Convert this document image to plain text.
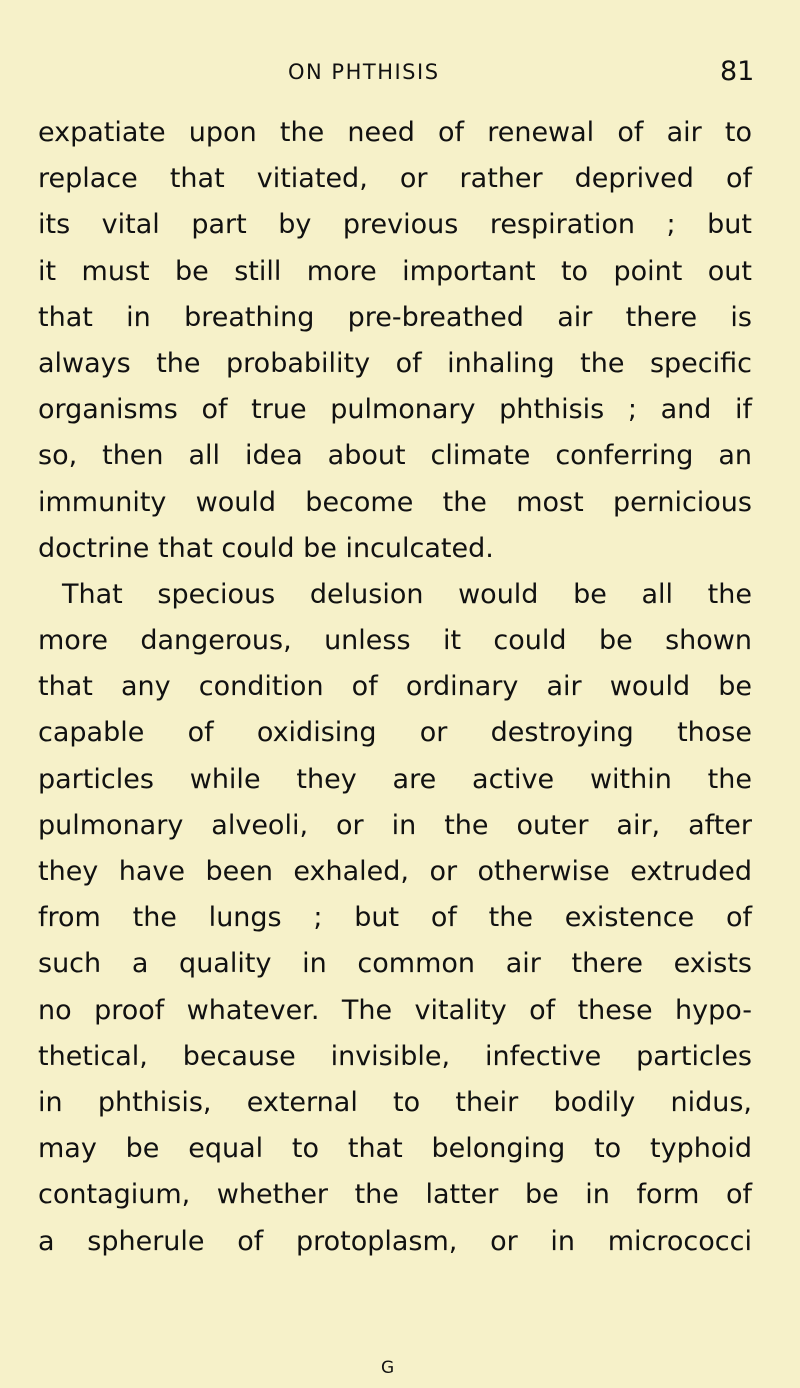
ON PHTHISIS	81
expatiate upon the need of renewal of air to
replace that vitiated, or rather deprived of
its vital part by previous respiration ; but
it must be still more important to point out
that in breathing pre-breathed air there is
always the probability of inhaling the specific
organisms of true pulmonary phthisis ; and if
so, then all idea about climate conferring an
immunity would become the most pernicious
doctrine that could be inculcated.
That specious delusion would be all the
more dangerous, unless it could be shown
that any condition of ordinary air would be
capable of oxidising or destroying those
particles while they are active within the
pulmonary alveoli, or in the outer air, after
they have been exhaled, or otherwise extruded
from the lungs ; but of the existence of
such a quality in common air there exists
no proof whatever. The vitality of these hypo-
thetical, because invisible, infective particles
in phthisis, external to their bodily nidus,
may be equal to that belonging to typhoid
contagium, whether the latter be in form of
a spherule of protoplasm, or in micrococci
G
